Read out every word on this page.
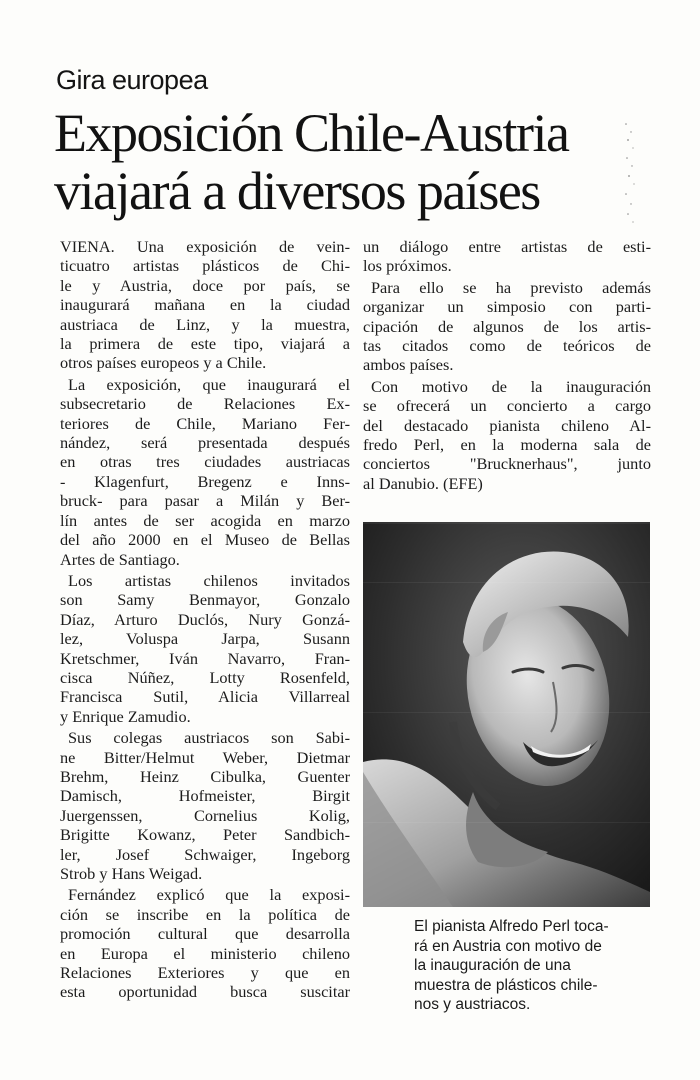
Gira europea
Exposición Chile-Austria
viajará a diversos países

VIENA. Una exposición de vein-
ticuatro artistas plásticos de Chi-
le y Austria, doce por país, se
inaugurará mañana en la ciudad
austriaca de Linz, y la muestra,
la primera de este tipo, viajará a
otros países europeos y a Chile.

La exposición, que inaugurará el
subsecretario de Relaciones Ex-
teriores de Chile, Mariano Fer-
nández, será presentada después
en otras tres ciudades austriacas
- Klagenfurt, Bregenz e Inns-
bruck- para pasar a Milán y Ber-
lín antes de ser acogida en marzo
del año 2000 en el Museo de Bellas
Artes de Santiago.

Los artistas chilenos invitados
son Samy Benmayor, Gonzalo
Díaz, Arturo Duclós, Nury Gonzá-
lez, Voluspa Jarpa, Susann
Kretschmer, Iván Navarro, Fran-
cisca Núñez, Lotty Rosenfeld,
Francisca Sutil, Alicia Villarreal
y Enrique Zamudio.

Sus colegas austriacos son Sabi-
ne Bitter/Helmut Weber, Dietmar
Brehm, Heinz Cibulka, Guenter
Damisch, Hofmeister, Birgit
Juergenssen, Cornelius Kolig,
Brigitte Kowanz, Peter Sandbich-
ler, Josef Schwaiger, Ingeborg
Strob y Hans Weigad.

Fernández explicó que la exposi-
ción se inscribe en la política de
promoción cultural que desarrolla
en Europa el ministerio chileno
Relaciones Exteriores y que en
esta oportunidad busca suscitar

un diálogo entre artistas de esti-
los próximos.

Para ello se ha previsto además
organizar un simposio con parti-
cipación de algunos de los artis-
tas citados como de teóricos de
ambos países.

Con motivo de la inauguración
se ofrecerá un concierto a cargo
del destacado pianista chileno Al-
fredo Perl, en la moderna sala de
conciertos "Brucknerhaus", junto
al Danubio. (EFE)

El pianista Alfredo Perl toca-
rá en Austria con motivo de
la inauguración de una
muestra de plásticos chile-
nos y austriacos.
